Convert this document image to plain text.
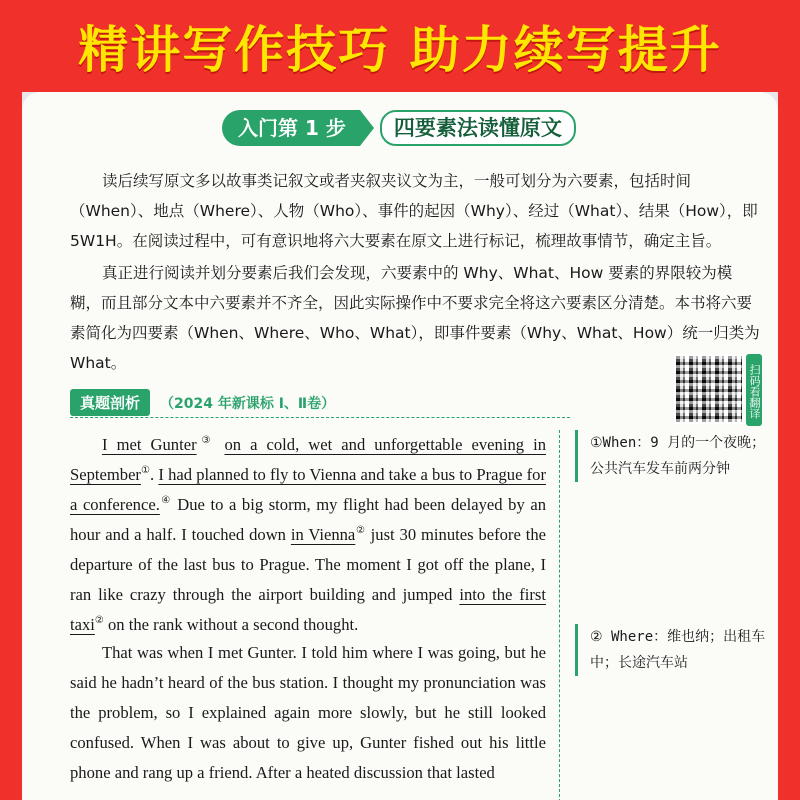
精讲写作技巧 助力续写提升
入门第 1 步	四要素法读懂原文

读后续写原文多以故事类记叙文或者夹叙夹议文为主，一般可划分为六要素，包括时间（When）、地点（Where）、人物（Who）、事件的起因（Why）、经过（What）、结果（How），即 5W1H。在阅读过程中，可有意识地将六大要素在原文上进行标记，梳理故事情节，确定主旨。

真正进行阅读并划分要素后我们会发现，六要素中的 Why、What、How 要素的界限较为模糊，而且部分文本中六要素并不齐全，因此实际操作中不要求完全将这六要素区分清楚。本书将六要素简化为四要素（When、Where、Who、What），即事件要素（Why、What、How）统一归类为 What。

扫码看翻译
真题剖析	（2024 年新课标 Ⅰ、Ⅱ卷）

I met Gunter③ on a cold, wet and unforgettable evening in September①. I had planned to fly to Vienna and take a bus to Prague for a conference.④ Due to a big storm, my flight had been delayed by an hour and a half. I touched down in Vienna② just 30 minutes before the departure of the last bus to Prague. The moment I got off the plane, I ran like crazy through the airport building and jumped into the first taxi② on the rank without a second thought.

That was when I met Gunter. I told him where I was going, but he said he hadn’t heard of the bus station. I thought my pronunciation was the problem, so I explained again more slowly, but he still looked confused. When I was about to give up, Gunter fished out his little phone and rang up a friend. After a heated discussion that lasted

①When：9 月的一个夜晚；公共汽车发车前两分钟
② Where：维也纳；出租车中；长途汽车站
